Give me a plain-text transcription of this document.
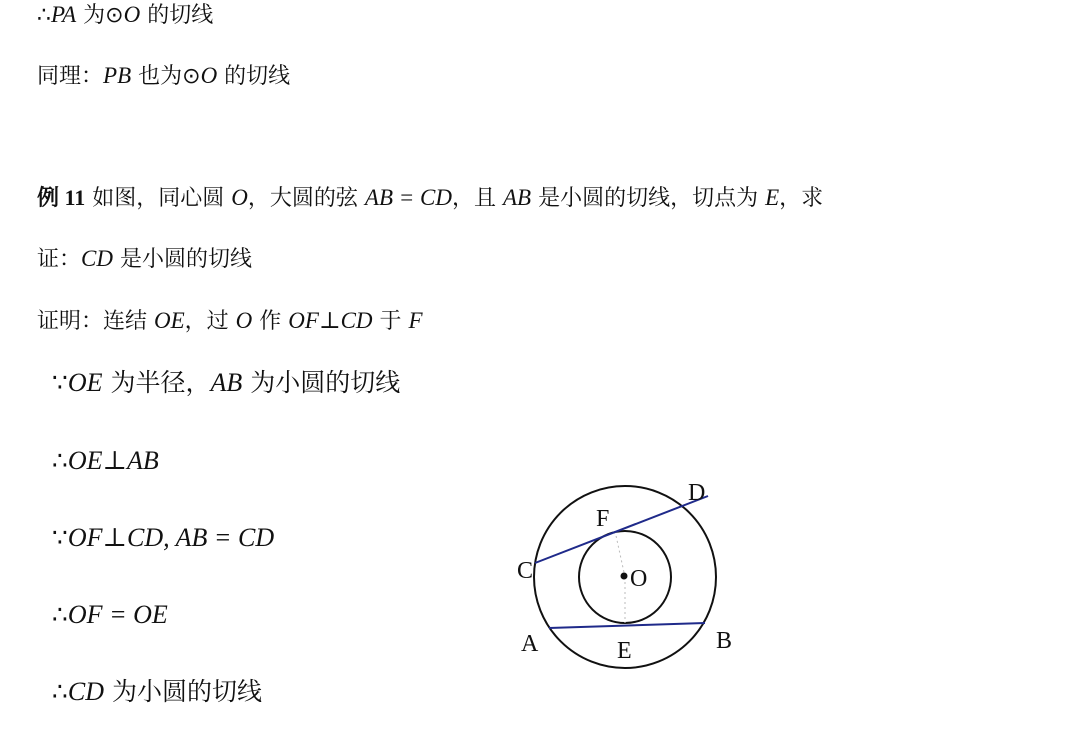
∴PA 为⊙O 的切线
同理：PB 也为⊙O 的切线
例 11 如图，同心圆 O，大圆的弦 AB = CD，且 AB 是小圆的切线，切点为 E，求
证：CD 是小圆的切线
证明：连结 OE，过 O 作 OF⊥CD 于 F
∵OE 为半径，AB 为小圆的切线
∴OE⊥AB
∵OF⊥CD, AB = CD
∴OF = OE
∴CD 为小圆的切线
D
F
C	O
A	E	B
